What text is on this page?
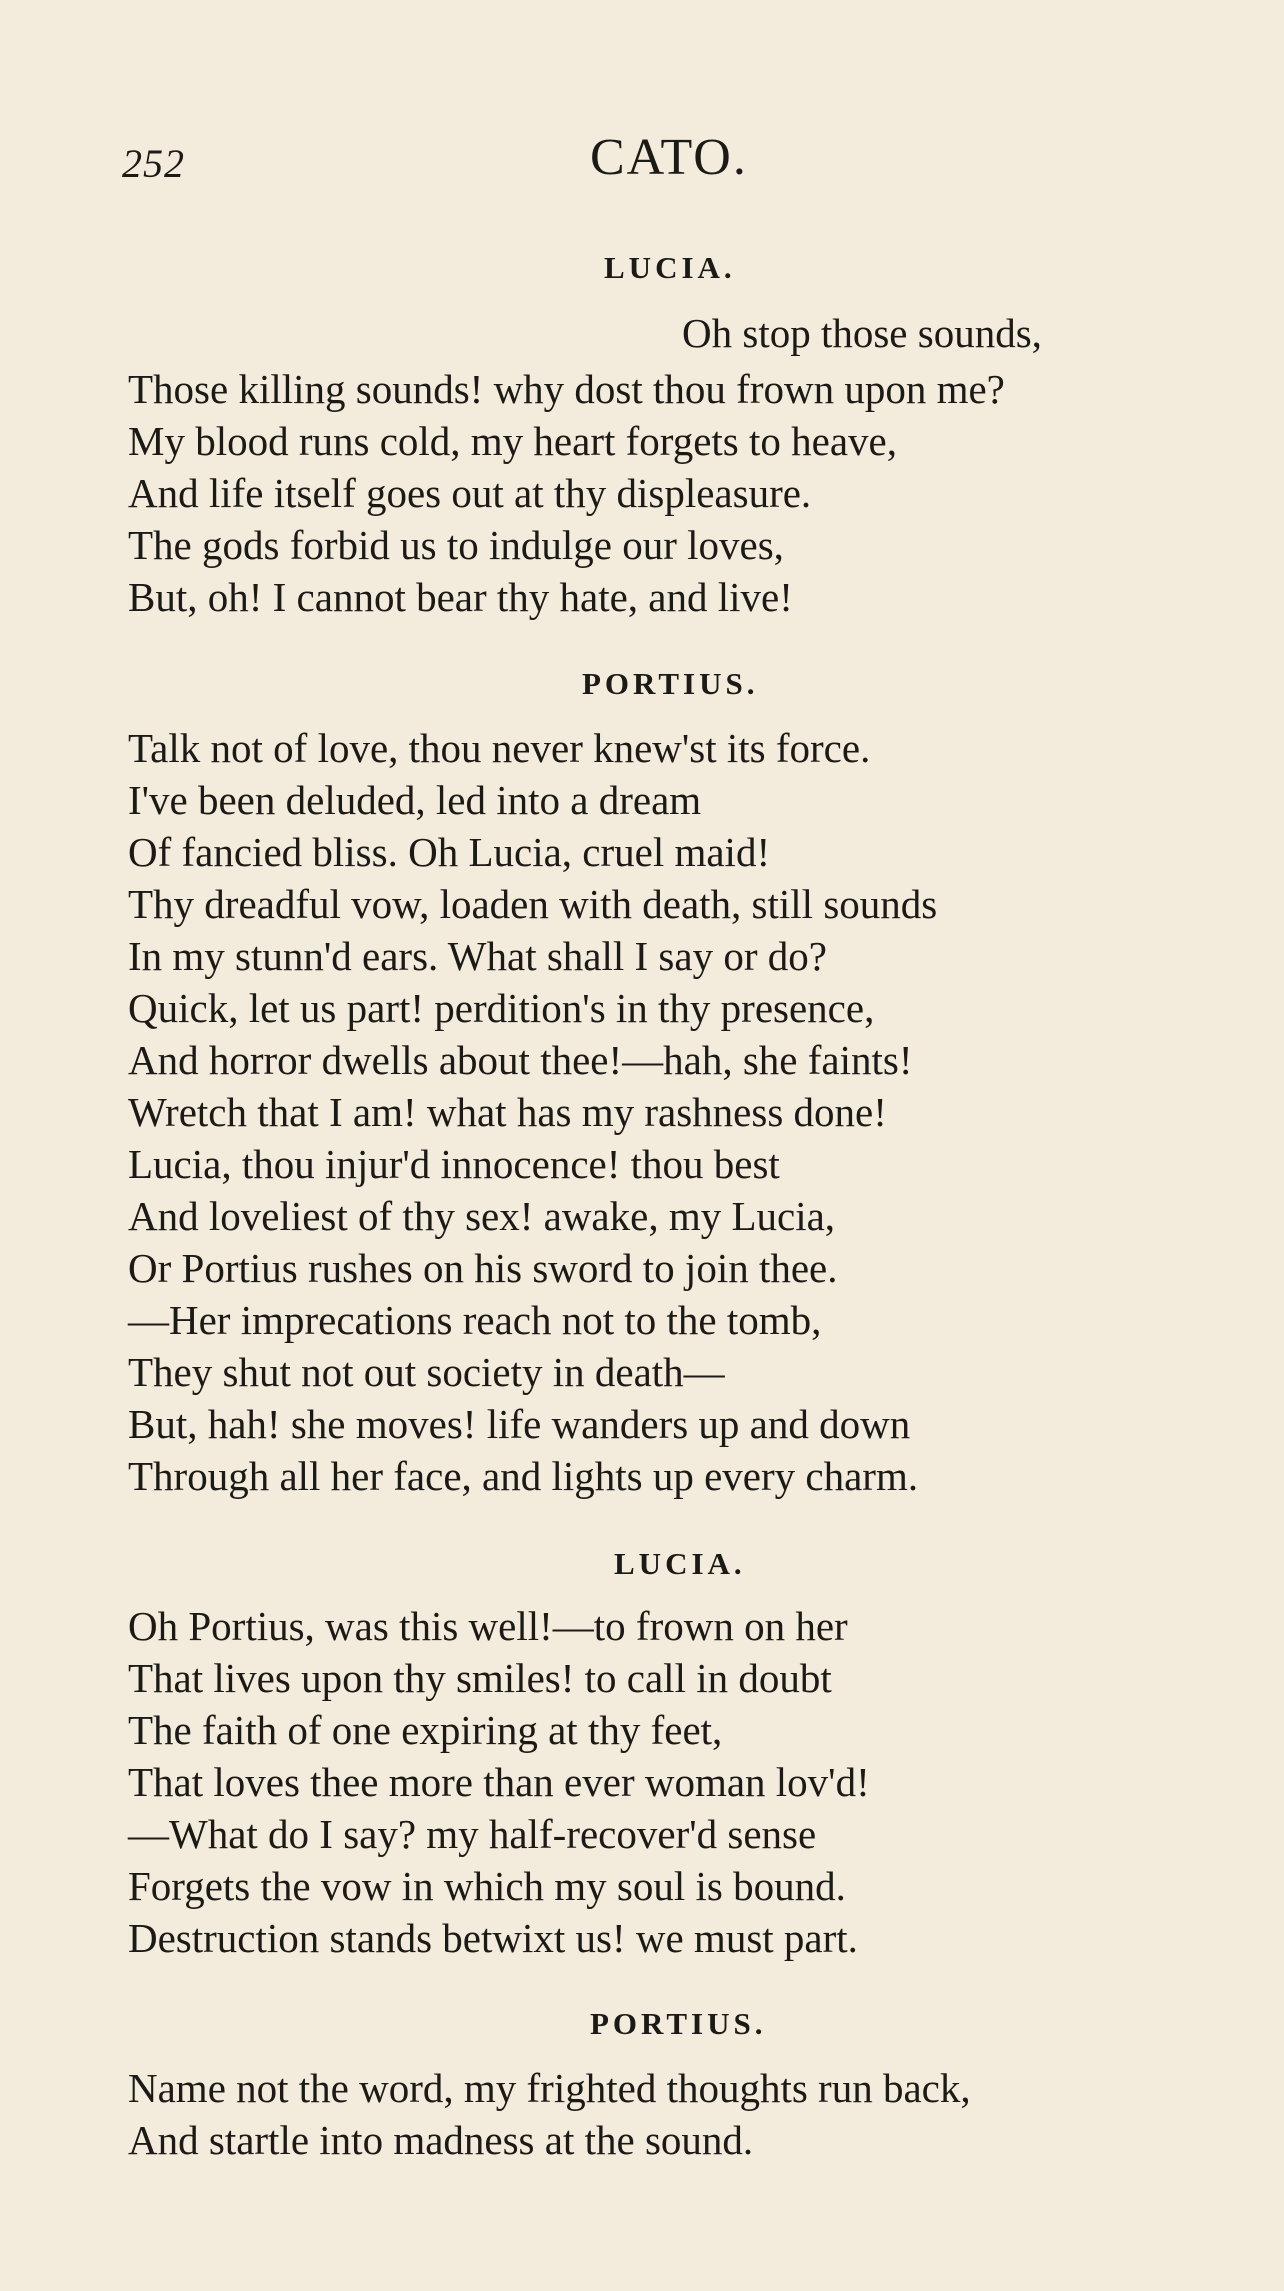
252	CATO.
LUCIA.
Oh stop those sounds,
Those killing sounds! why dost thou frown upon me?
My blood runs cold, my heart forgets to heave,
And life itself goes out at thy displeasure.
The gods forbid us to indulge our loves,
But, oh! I cannot bear thy hate, and live!
PORTIUS.
Talk not of love, thou never knew'st its force.
I've been deluded, led into a dream
Of fancied bliss. Oh Lucia, cruel maid!
Thy dreadful vow, loaden with death, still sounds
In my stunn'd ears. What shall I say or do?
Quick, let us part! perdition's in thy presence,
And horror dwells about thee!—hah, she faints!
Wretch that I am! what has my rashness done!
Lucia, thou injur'd innocence! thou best
And loveliest of thy sex! awake, my Lucia,
Or Portius rushes on his sword to join thee.
—Her imprecations reach not to the tomb,
They shut not out society in death—
But, hah! she moves! life wanders up and down
Through all her face, and lights up every charm.
LUCIA.
Oh Portius, was this well!—to frown on her
That lives upon thy smiles! to call in doubt
The faith of one expiring at thy feet,
That loves thee more than ever woman lov'd!
—What do I say? my half-recover'd sense
Forgets the vow in which my soul is bound.
Destruction stands betwixt us! we must part.
PORTIUS.
Name not the word, my frighted thoughts run back,
And startle into madness at the sound.
